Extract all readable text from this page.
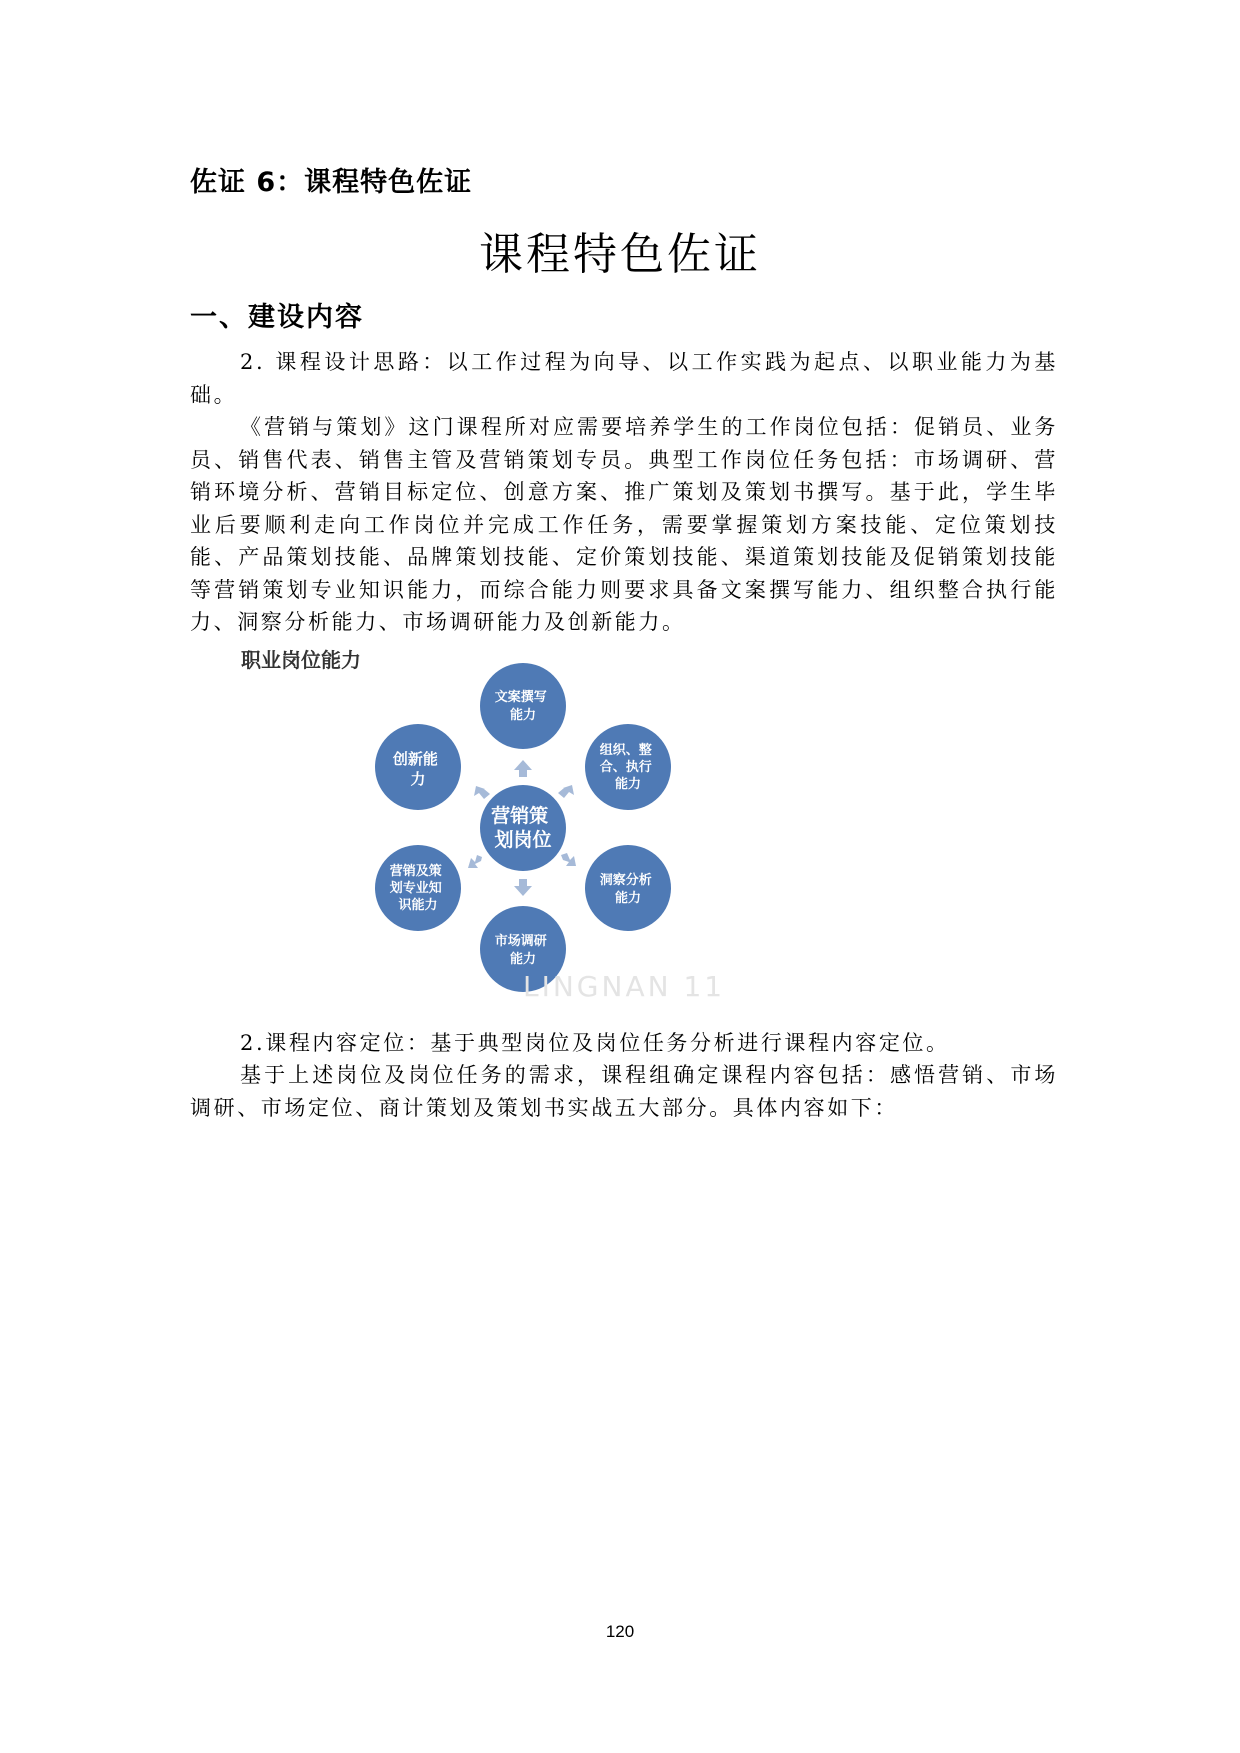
佐证 6：课程特色佐证
课程特色佐证
一、建设内容

2. 课程设计思路：以工作过程为向导、以工作实践为起点、以职业能力为基础。

《营销与策划》这门课程所对应需要培养学生的工作岗位包括：促销员、业务员、销售代表、销售主管及营销策划专员。典型工作岗位任务包括：市场调研、营销环境分析、营销目标定位、创意方案、推广策划及策划书撰写。基于此，学生毕业后要顺利走向工作岗位并完成工作任务，需要掌握策划方案技能、定位策划技能、产品策划技能、品牌策划技能、定价策划技能、渠道策划技能及促销策划技能等营销策划专业知识能力，而综合能力则要求具备文案撰写能力、组织整合执行能力、洞察分析能力、市场调研能力及创新能力。

职业岗位能力
营销策 划岗位
文案撰写 能力
组织、整 合、执行 能力
洞察分析 能力
市场调研 能力
营销及策 划专业知 识能力
创新能 力
LINGNAN 11

2.课程内容定位：基于典型岗位及岗位任务分析进行课程内容定位。

基于上述岗位及岗位任务的需求，课程组确定课程内容包括：感悟营销、市场调研、市场定位、商计策划及策划书实战五大部分。具体内容如下：

120
